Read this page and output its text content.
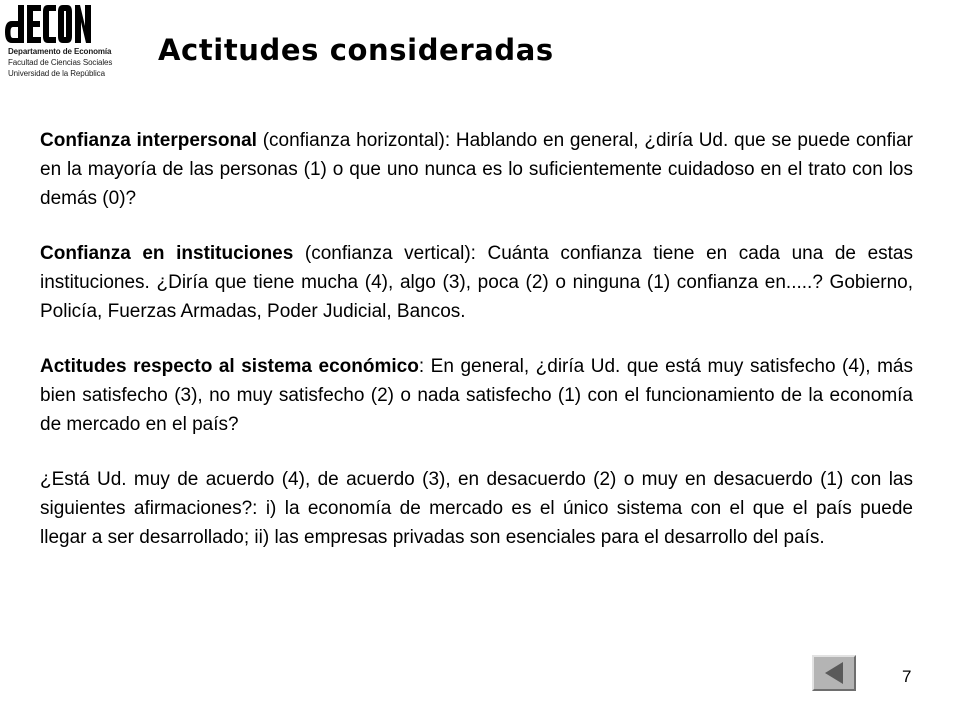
Departamento de Economía
Facultad de Ciencias Sociales
Universidad de la República
Actitudes consideradas

Confianza interpersonal (confianza horizontal): Hablando en general, ¿diría Ud. que se puede confiar en la mayoría de las personas (1) o que uno nunca es lo suficientemente cuidadoso en el trato con los demás (0)?

Confianza en instituciones (confianza vertical): Cuánta confianza tiene en cada una de estas instituciones. ¿Diría que tiene mucha (4), algo (3), poca (2) o ninguna (1) confianza en.....? Gobierno, Policía, Fuerzas Armadas, Poder Judicial, Bancos.

Actitudes respecto al sistema económico: En general, ¿diría Ud. que está muy satisfecho (4), más bien satisfecho (3), no muy satisfecho (2) o nada satisfecho (1) con el funcionamiento de la economía de mercado en el país?

¿Está Ud. muy de acuerdo (4), de acuerdo (3), en desacuerdo (2) o muy en desacuerdo (1) con las siguientes afirmaciones?: i) la economía de mercado es el único sistema con el que el país puede llegar a ser desarrollado; ii) las empresas privadas son esenciales para el desarrollo del país.

7
